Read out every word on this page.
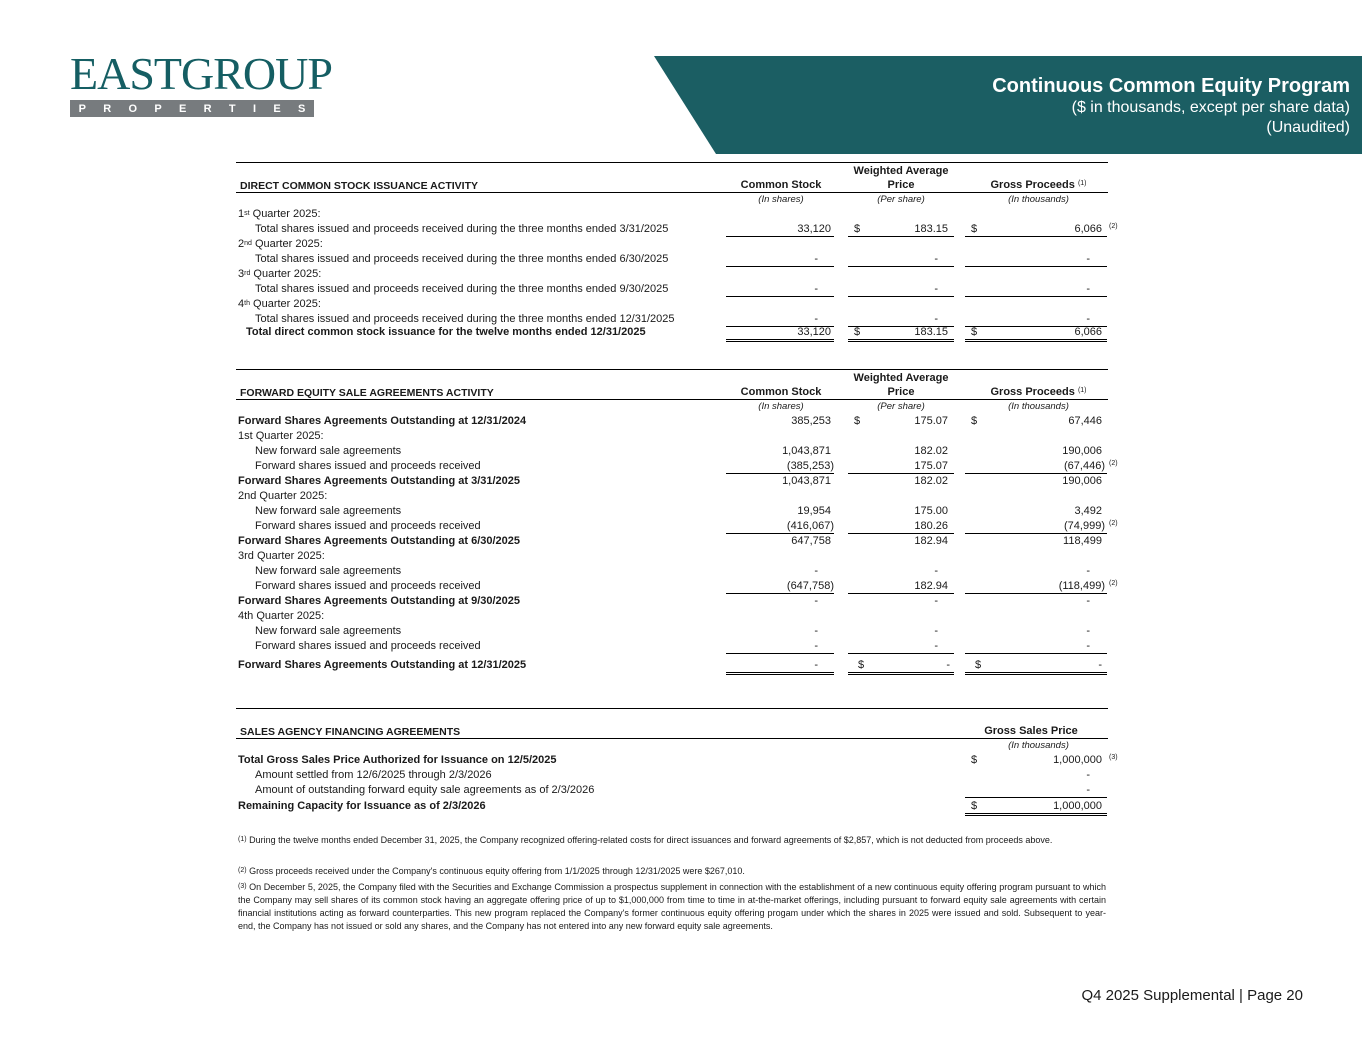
EASTGROUP
P R O P E R T I E S
Continuous Common Equity Program
($ in thousands, except per share data)
(Unaudited)
DIRECT COMMON STOCK ISSUANCE ACTIVITY	Common Stock
Weighted Average
Price	Gross Proceeds $^{(1)}$
(In shares)	(Per share)	(In thousands)
1st Quarter 2025:
Total shares issued and proceeds received during the three months ended 3/31/2025	33,120 $	183.15 $	6,066 (2)
2nd Quarter 2025:
Total shares issued and proceeds received during the three months ended 6/30/2025	-	-	-
3rd Quarter 2025:
Total shares issued and proceeds received during the three months ended 9/30/2025	-	-	-
4th Quarter 2025:
Total shares issued and proceeds received during the three months ended 12/31/2025	-	-	-
Total direct common stock issuance for the twelve months ended 12/31/2025	33,120 $	183.15 $	6,066
FORWARD EQUITY SALE AGREEMENTS ACTIVITY	Common Stock
Weighted Average
Price	Gross Proceeds $^{(1)}$
(In shares)	(Per share)	(In thousands)
Forward Shares Agreements Outstanding at 12/31/2024	385,253	175.07	67,446
$	$
1st Quarter 2025:
New forward sale agreements	1,043,871	182.02	190,006
Forward shares issued and proceeds received	(385,253)	175.07	(67,446) (2)
Forward Shares Agreements Outstanding at 3/31/2025	1,043,871	182.02	190,006
2nd Quarter 2025:
New forward sale agreements	19,954	175.00	3,492
Forward shares issued and proceeds received	(416,067)	180.26	(74,999) (2)
Forward Shares Agreements Outstanding at 6/30/2025	647,758	182.94	118,499
3rd Quarter 2025:
New forward sale agreements	-	-	-
Forward shares issued and proceeds received	(647,758)	182.94	(118,499) (2)
Forward Shares Agreements Outstanding at 9/30/2025	-	-	-
4th Quarter 2025:
New forward sale agreements	-	-	-
Forward shares issued and proceeds received	-	-	-
Forward Shares Agreements Outstanding at 12/31/2025	-	$	- $	-
SALES AGENCY FINANCING AGREEMENTS	Gross Sales Price
(In thousands)
Total Gross Sales Price Authorized for Issuance on 12/5/2025	$	1,000,000 (3)
Amount settled from 12/6/2025 through 2/3/2026	-
Amount of outstanding forward equity sale agreements as of 2/3/2026	-
Remaining Capacity for Issuance as of 2/3/2026	$	1,000,000
$^{(1)}$ During the twelve months ended December 31, 2025, the Company recognized offering-related costs for direct issuances and forward agreements of $2,857, which is not deducted from proceeds above.
$^{(2)}$ Gross proceeds received under the Company's continuous equity offering from 1/1/2025 through 12/31/2025 were $267,010.
$^{(3)}$ On December 5, 2025, the Company filed with the Securities and Exchange Commission a prospectus supplement in connection with the establishment of a new continuous equity offering program pursuant to which the Company may sell shares of its common stock having an aggregate offering price of up to $1,000,000 from time to time in at-the-market offerings, including pursuant to forward equity sale agreements with certain financial institutions acting as forward counterparties. This new program replaced the Company's former continuous equity offering progam under which the shares in 2025 were issued and sold. Subsequent to year-end, the Company has not issued or sold any shares, and the Company has not entered into any new forward equity sale agreements.
Q4 2025 Supplemental | Page 20
